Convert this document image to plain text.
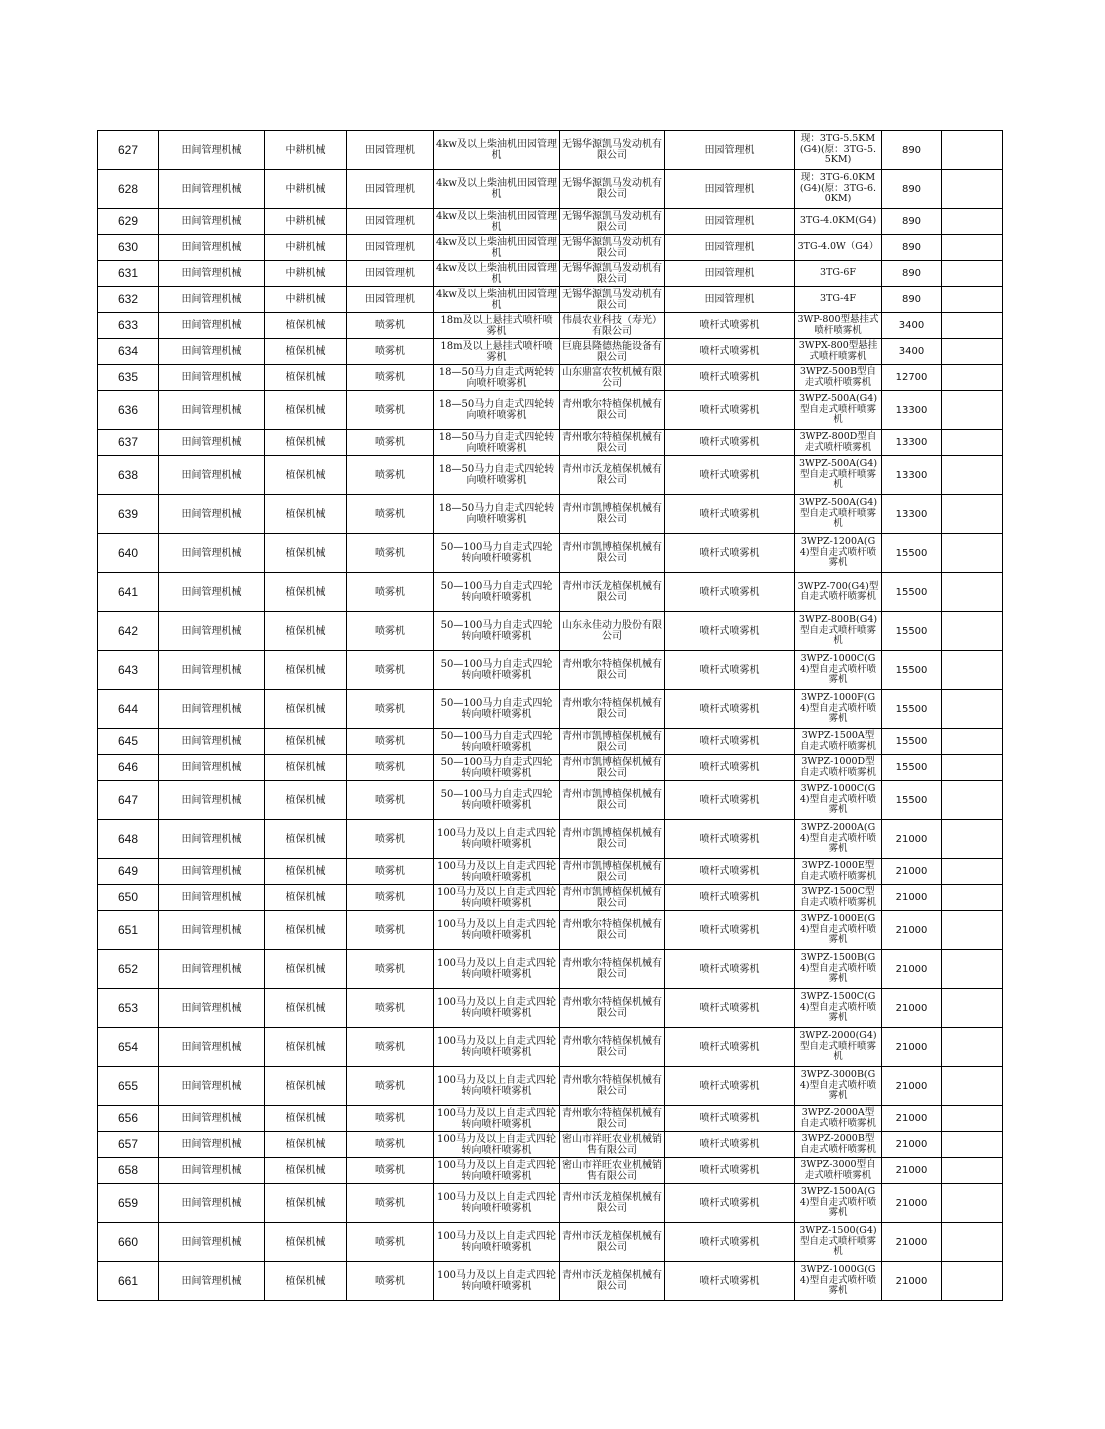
627	田间管理机械	中耕机械	田园管理机	4kw及以上柴油机田园管理机	无锡华源凯马发动机有限公司	田园管理机	现：3TG-5.5KM(G4)(原：3TG-5.5KM)	890	
628	田间管理机械	中耕机械	田园管理机	4kw及以上柴油机田园管理机	无锡华源凯马发动机有限公司	田园管理机	现：3TG-6.0KM(G4)(原：3TG-6.0KM)	890	
629	田间管理机械	中耕机械	田园管理机	4kw及以上柴油机田园管理机	无锡华源凯马发动机有限公司	田园管理机	3TG-4.0KM(G4)	890	
630	田间管理机械	中耕机械	田园管理机	4kw及以上柴油机田园管理机	无锡华源凯马发动机有限公司	田园管理机	3TG-4.0W（G4）	890	
631	田间管理机械	中耕机械	田园管理机	4kw及以上柴油机田园管理机	无锡华源凯马发动机有限公司	田园管理机	3TG-6F	890	
632	田间管理机械	中耕机械	田园管理机	4kw及以上柴油机田园管理机	无锡华源凯马发动机有限公司	田园管理机	3TG-4F	890	
633	田间管理机械	植保机械	喷雾机	18m及以上悬挂式喷杆喷雾机	伟晨农业科技（寿光）有限公司	喷杆式喷雾机	3WP-800型悬挂式喷杆喷雾机	3400	
634	田间管理机械	植保机械	喷雾机	18m及以上悬挂式喷杆喷雾机	巨鹿县隆德热能设备有限公司	喷杆式喷雾机	3WPX-800型悬挂式喷杆喷雾机	3400	
635	田间管理机械	植保机械	喷雾机	18—50马力自走式两轮转向喷杆喷雾机	山东鼎富农牧机械有限公司	喷杆式喷雾机	3WPZ-500B型自走式喷杆喷雾机	12700	
636	田间管理机械	植保机械	喷雾机	18—50马力自走式四轮转向喷杆喷雾机	青州歌尔特植保机械有限公司	喷杆式喷雾机	3WPZ-500A(G4)型自走式喷杆喷雾机	13300	
637	田间管理机械	植保机械	喷雾机	18—50马力自走式四轮转向喷杆喷雾机	青州歌尔特植保机械有限公司	喷杆式喷雾机	3WPZ-800D型自走式喷杆喷雾机	13300	
638	田间管理机械	植保机械	喷雾机	18—50马力自走式四轮转向喷杆喷雾机	青州市沃龙植保机械有限公司	喷杆式喷雾机	3WPZ-500A(G4)型自走式喷杆喷雾机	13300	
639	田间管理机械	植保机械	喷雾机	18—50马力自走式四轮转向喷杆喷雾机	青州市凯博植保机械有限公司	喷杆式喷雾机	3WPZ-500A(G4)型自走式喷杆喷雾机	13300	
640	田间管理机械	植保机械	喷雾机	50—100马力自走式四轮转向喷杆喷雾机	青州市凯博植保机械有限公司	喷杆式喷雾机	3WPZ-1200A(G4)型自走式喷杆喷雾机	15500	
641	田间管理机械	植保机械	喷雾机	50—100马力自走式四轮转向喷杆喷雾机	青州市沃龙植保机械有限公司	喷杆式喷雾机	3WPZ-700(G4)型自走式喷杆喷雾机	15500	
642	田间管理机械	植保机械	喷雾机	50—100马力自走式四轮转向喷杆喷雾机	山东永佳动力股份有限公司	喷杆式喷雾机	3WPZ-800B(G4)型自走式喷杆喷雾机	15500	
643	田间管理机械	植保机械	喷雾机	50—100马力自走式四轮转向喷杆喷雾机	青州歌尔特植保机械有限公司	喷杆式喷雾机	3WPZ-1000C(G4)型自走式喷杆喷雾机	15500	
644	田间管理机械	植保机械	喷雾机	50—100马力自走式四轮转向喷杆喷雾机	青州歌尔特植保机械有限公司	喷杆式喷雾机	3WPZ-1000F(G4)型自走式喷杆喷雾机	15500	
645	田间管理机械	植保机械	喷雾机	50—100马力自走式四轮转向喷杆喷雾机	青州市凯博植保机械有限公司	喷杆式喷雾机	3WPZ-1500A型自走式喷杆喷雾机	15500	
646	田间管理机械	植保机械	喷雾机	50—100马力自走式四轮转向喷杆喷雾机	青州市凯博植保机械有限公司	喷杆式喷雾机	3WPZ-1000D型自走式喷杆喷雾机	15500	
647	田间管理机械	植保机械	喷雾机	50—100马力自走式四轮转向喷杆喷雾机	青州市凯博植保机械有限公司	喷杆式喷雾机	3WPZ-1000C(G4)型自走式喷杆喷雾机	15500	
648	田间管理机械	植保机械	喷雾机	100马力及以上自走式四轮转向喷杆喷雾机	青州市凯博植保机械有限公司	喷杆式喷雾机	3WPZ-2000A(G4)型自走式喷杆喷雾机	21000	
649	田间管理机械	植保机械	喷雾机	100马力及以上自走式四轮转向喷杆喷雾机	青州市凯博植保机械有限公司	喷杆式喷雾机	3WPZ-1000E型自走式喷杆喷雾机	21000	
650	田间管理机械	植保机械	喷雾机	100马力及以上自走式四轮转向喷杆喷雾机	青州市凯博植保机械有限公司	喷杆式喷雾机	3WPZ-1500C型自走式喷杆喷雾机	21000	
651	田间管理机械	植保机械	喷雾机	100马力及以上自走式四轮转向喷杆喷雾机	青州歌尔特植保机械有限公司	喷杆式喷雾机	3WPZ-1000E(G4)型自走式喷杆喷雾机	21000	
652	田间管理机械	植保机械	喷雾机	100马力及以上自走式四轮转向喷杆喷雾机	青州歌尔特植保机械有限公司	喷杆式喷雾机	3WPZ-1500B(G4)型自走式喷杆喷雾机	21000	
653	田间管理机械	植保机械	喷雾机	100马力及以上自走式四轮转向喷杆喷雾机	青州歌尔特植保机械有限公司	喷杆式喷雾机	3WPZ-1500C(G4)型自走式喷杆喷雾机	21000	
654	田间管理机械	植保机械	喷雾机	100马力及以上自走式四轮转向喷杆喷雾机	青州歌尔特植保机械有限公司	喷杆式喷雾机	3WPZ-2000(G4)型自走式喷杆喷雾机	21000	
655	田间管理机械	植保机械	喷雾机	100马力及以上自走式四轮转向喷杆喷雾机	青州歌尔特植保机械有限公司	喷杆式喷雾机	3WPZ-3000B(G4)型自走式喷杆喷雾机	21000	
656	田间管理机械	植保机械	喷雾机	100马力及以上自走式四轮转向喷杆喷雾机	青州歌尔特植保机械有限公司	喷杆式喷雾机	3WPZ-2000A型自走式喷杆喷雾机	21000	
657	田间管理机械	植保机械	喷雾机	100马力及以上自走式四轮转向喷杆喷雾机	密山市祥旺农业机械销售有限公司	喷杆式喷雾机	3WPZ-2000B型自走式喷杆喷雾机	21000	
658	田间管理机械	植保机械	喷雾机	100马力及以上自走式四轮转向喷杆喷雾机	密山市祥旺农业机械销售有限公司	喷杆式喷雾机	3WPZ-3000型自走式喷杆喷雾机	21000	
659	田间管理机械	植保机械	喷雾机	100马力及以上自走式四轮转向喷杆喷雾机	青州市沃龙植保机械有限公司	喷杆式喷雾机	3WPZ-1500A(G4)型自走式喷杆喷雾机	21000	
660	田间管理机械	植保机械	喷雾机	100马力及以上自走式四轮转向喷杆喷雾机	青州市沃龙植保机械有限公司	喷杆式喷雾机	3WPZ-1500(G4)型自走式喷杆喷雾机	21000	
661	田间管理机械	植保机械	喷雾机	100马力及以上自走式四轮转向喷杆喷雾机	青州市沃龙植保机械有限公司	喷杆式喷雾机	3WPZ-1000G(G4)型自走式喷杆喷雾机	21000	
